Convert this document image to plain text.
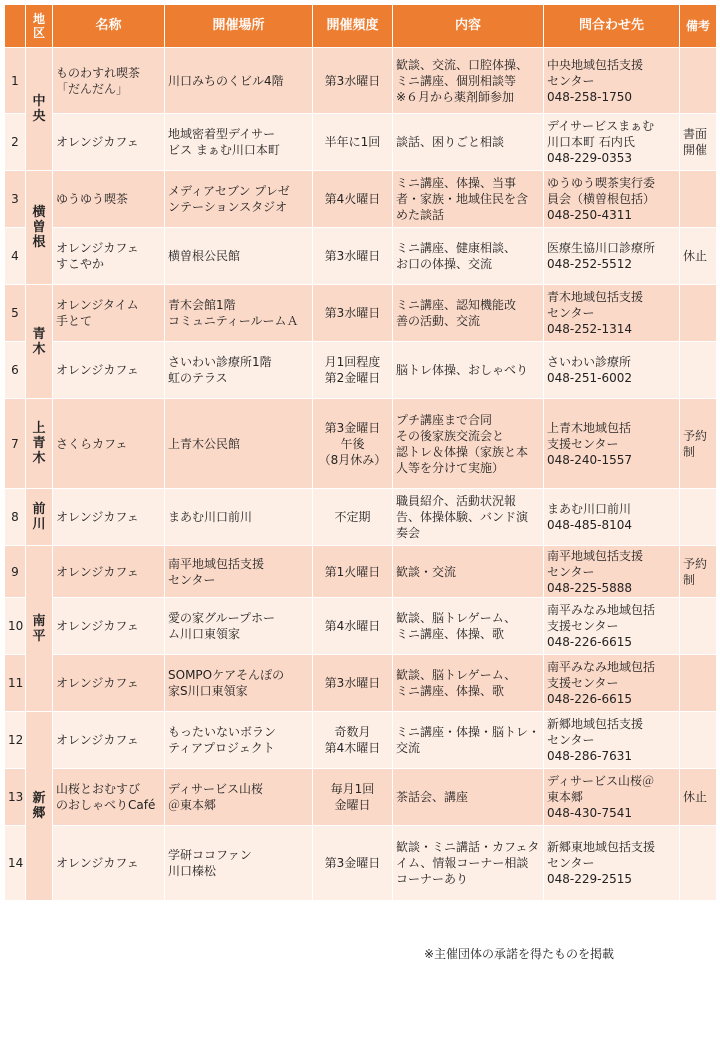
	地区	名称	開催場所	開催頻度	内容	問合わせ先	備考
1	中央	ものわすれ喫茶
「だんだん」	川口みちのくビル4階	第3水曜日	歓談、交流、口腔体操、
ミニ講座、個別相談等
※６月から薬剤師参加	中央地域包括支援
センター
048-258-1750	

2		オレンジカフェ	地域密着型デイサー
ビス まぁむ川口本町	半年に1回	談話、困りごと相談	デイサービスまぁむ
川口本町 石内氏
048-229-0353	書面
開催

3	横曽根	ゆうゆう喫茶	メディアセブン プレゼ
ンテーションスタジオ	第4火曜日	ミニ講座、体操、当事
者・家族・地域住民を含
めた談話	ゆうゆう喫茶実行委
員会（横曽根包括）
048-250-4311	

4		オレンジカフェ
すこやか	横曽根公民館	第3水曜日	ミニ講座、健康相談、
お口の体操、交流	医療生協川口診療所
048-252-5512	休止

5	青木	オレンジタイム
手とて	青木会館1階
コミュニティールームＡ	第3水曜日	ミニ講座、認知機能改
善の活動、交流	青木地域包括支援
センター
048-252-1314	

6		オレンジカフェ	さいわい診療所1階
虹のテラス	月1回程度
第2金曜日	脳トレ体操、おしゃべり	さいわい診療所
048-251-6002	

7	上青木	さくらカフェ	上青木公民館	第3金曜日
午後
（8月休み）	プチ講座まで合同
その後家族交流会と
認トレ＆体操（家族と本
人等を分けて実施）	上青木地域包括
支援センター
048-240-1557	予約
制

8	前川	オレンジカフェ	まあむ川口前川	不定期	職員紹介、活動状況報
告、体操体験、バンド演
奏会	まあむ川口前川
048-485-8104	

9	南平	オレンジカフェ	南平地域包括支援
センター	第1火曜日	歓談・交流	南平地域包括支援
センター
048-225-5888	予約
制

10		オレンジカフェ	愛の家グループホー
ム川口東領家	第4水曜日	歓談、脳トレゲーム、
ミニ講座、体操、歌	南平みなみ地域包括
支援センター
048-226-6615	

11		オレンジカフェ	SOMPOケアそんぽの
家S川口東領家	第3水曜日	歓談、脳トレゲーム、
ミニ講座、体操、歌	南平みなみ地域包括
支援センター
048-226-6615	

12	新郷	オレンジカフェ	もったいないボラン
ティアプロジェクト	奇数月
第4木曜日	ミニ講座・体操・脳トレ・
交流	新郷地域包括支援
センター
048-286-7631	

13		山桜とおむすび
のおしゃべりCafé	ディサービス山桜
＠東本郷	毎月1回
金曜日	茶話会、講座	ディサービス山桜＠
東本郷
048-430-7541	休止

14		オレンジカフェ	学研ココファン
川口榛松	第3金曜日	歓談・ミニ講話・カフェタ
イム、情報コーナー相談
コーナーあり	新郷東地域包括支援
センター
048-229-2515	

※主催団体の承諾を得たものを掲載
